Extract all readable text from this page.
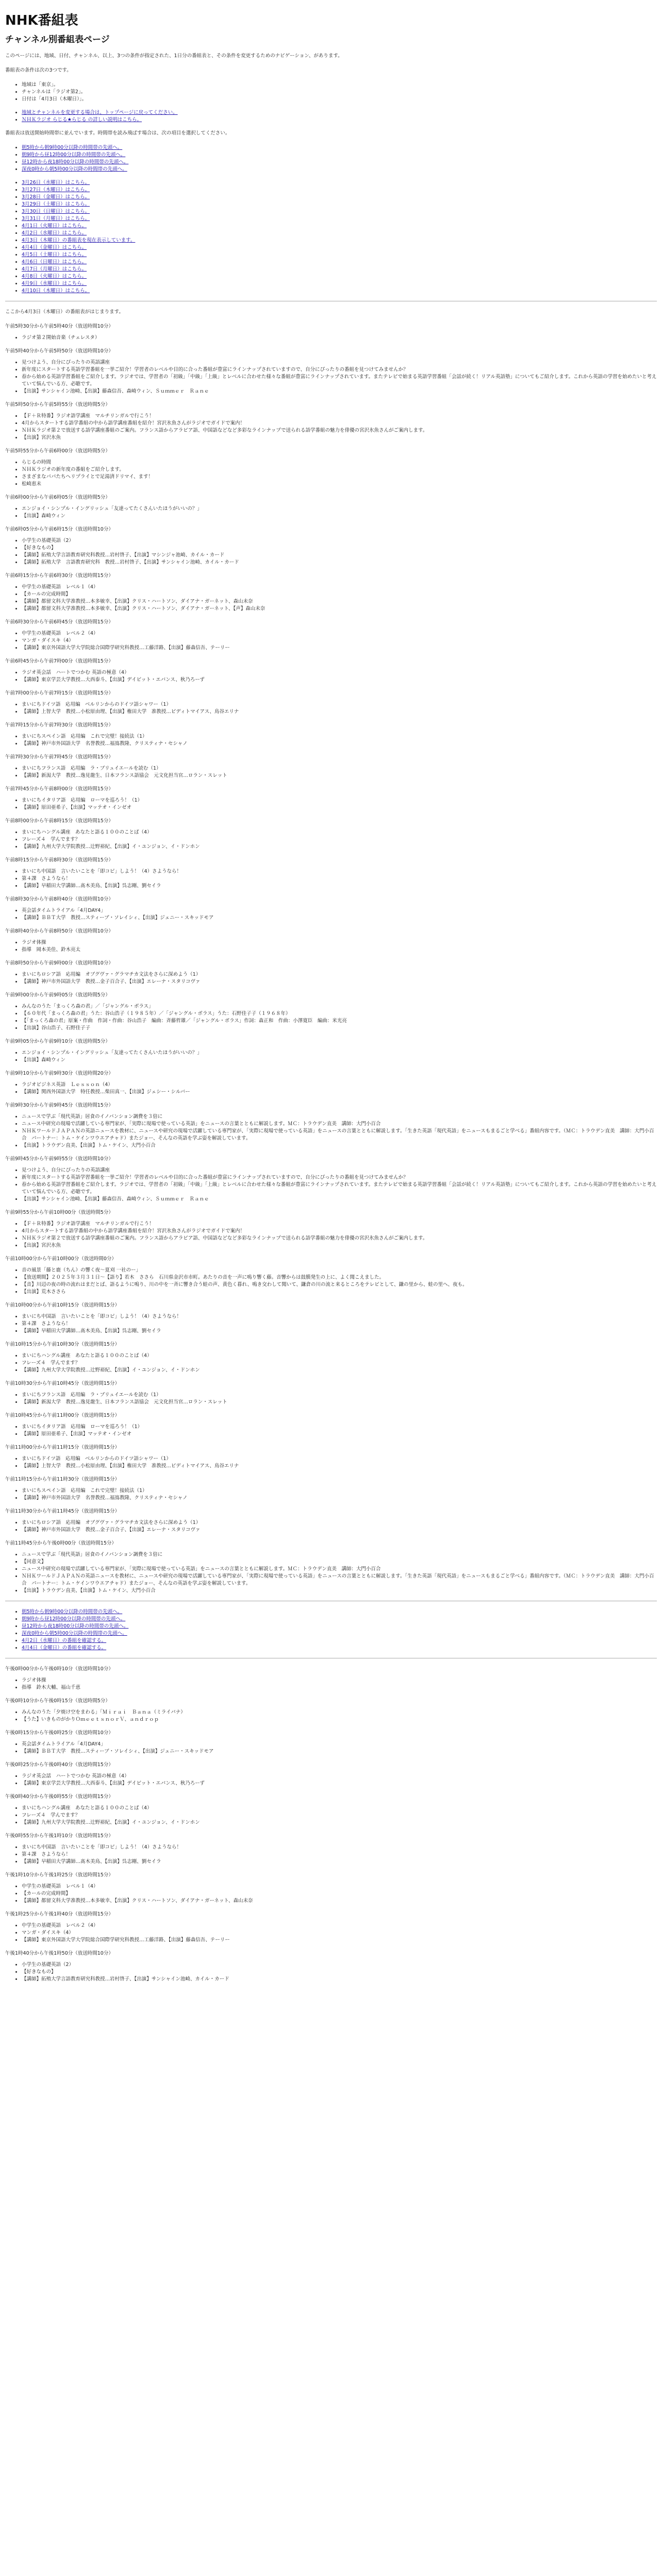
NHK番組表
チャンネル別番組表ページ

このページには、地域、日付、チャンネル、以上、3つの条件が指定された、1日分の番組表と、その条件を変更するためのナビゲーション、があります。

番組表の条件は次の3つです。

• 地域は「東京」。
• チャンネルは「ラジオ第2」。
• 日付は「4月3日（木曜日）」。
• 地域とチャンネルを変更する場合は、トップページに戻ってください。
• ＮＨＫラジオ らじる★らじる の詳しい説明はこちら。

番組表は放送開始時間帯に並んでいます。時間帯を読み飛ばす場合は、次の項目を選択してください。

• 朝5時から朝9時00分以降の時間帯の先頭へ。
• 朝9時から昼12時00分以降の時間帯の先頭へ。
• 昼12時から夜18時00分以降の時間帯の先頭へ。
• 深夜0時から朝5時00分以降の時間帯の先頭へ。
• 3月26日（水曜日）はこちら。
• 3月27日（木曜日）はこちら。
• 3月28日（金曜日）はこちら。
• 3月29日（土曜日）はこちら。
• 3月30日（日曜日）はこちら。
• 3月31日（月曜日）はこちら。
• 4月1日（火曜日）はこちら。
• 4月2日（水曜日）はこちら。
• 4月3日（木曜日）の番組表を現在表示しています。
• 4月4日（金曜日）はこちら。
• 4月5日（土曜日）はこちら。
• 4月6日（日曜日）はこちら。
• 4月7日（月曜日）はこちら。
• 4月8日（火曜日）はこちら。
• 4月9日（水曜日）はこちら。
• 4月10日（木曜日）はこちら。

ここから4月3日（木曜日）の番組表がはじまります。

午前5時30分から午前5時40分（放送時間10分）

• ラジオ第２開始音楽（チェレスタ）

午前5時40分から午前5時50分（放送時間10分）

• 見つけよう、自分にぴったりの英語講座
• 新年度にスタートする英語学習番組を一挙ご紹介！学習者のレベルや目的に合った番組が豊富にラインナップされていますので、自分にぴったりの番組を見つけてみませんか？
• 春から始める英語学習番組をご紹介します。ラジオでは、学習者の「初級」「中級」「上級」とレベルに合わせた様々な番組が豊富にラインナップされています。またテレビで始まる英語学習番組「会話が続く！リアル英語塾」についてもご紹介します。これから英語の学習を始めたいと考えていて悩んでいる方、必聴です。
• 【出演】サンシャイン池崎、【出演】藤森信吾、森崎ウィン、Ｓｕｍｍｅｒ　Ｒａｎｅ

午前5時50分から午前5時55分（放送時間5分）

• 【Ｆ＋Ｒ特番】ラジオ語学講座　マルチリンガルで行こう！
• 4月からスタートする語学番組の中から語学講座番組を紹介！宮沢氷魚さんがラジオでガイドで案内！
• ＮＨＫラジオ第２で放送する語学講座番組のご案内。フランス語からアラビア語、中国語などなど多彩なラインナップで送られる語学番組の魅力を俳優の宮沢氷魚さんがご案内します。
• 【出演】宮沢氷魚

午前5時55分から午前6時00分（放送時間5分）

• らじるの時間
• ＮＨＫラジオの新年度の番組をご紹介します。
• さまざまなパパたちへリプライとで足湯済ドリマイ、ます！
• 松崎恵未

午前6時00分から午前6時05分（放送時間5分）

• エンジョイ・シンプル・イングリッシュ「友達ってたくさんいたほうがいいの？」
• 【出演】森崎ウィン

午前6時05分から午前6時15分（放送時間10分）

• 小学生の基礎英語（2）
• 【好きなもの】
• 【講師】拓殖大学言語教育研究科教授…岩村啓子、【出演】マシンジャ池崎、カイル・カード
• 【講師】拓殖大学　言語教育研究科　教授…岩村啓子、【出演】サンシャイン池崎、カイル・カード

午前6時15分から午前6時30分（放送時間15分）

• 中学生の基礎英語　レベル１（4）
• 【カールの完成時間】
• 【講師】都留文科大学准教授…本多敏幸、【出演】クリス・ハートソン、ダイアナ・ガーネット、森山未奈
• 【講師】都留文科大学准教授…本多敏幸、【出演】クリス・ハートソン、ダイアナ・ガーネット、【声】森山未奈

午前6時30分から午前6時45分（放送時間15分）

• 中学生の基礎英語　レベル２（4）
• マンガ・ダイスキ（4）
• 【講師】東京外国語大学大学院総合国際学研究科教授…工藤洋路、【出演】藤森信吾、テーリー

午前6時45分から午前7時00分（放送時間15分）

• ラジオ英会話　ハートでつかむ 英語の極意（4）
• 【講師】東京学芸大学教授…大西泰斗、【出演】デイビット・エバンス、秋乃ろーず

午前7時00分から午前7時15分（放送時間15分）

• まいにちドイツ語　応用編　ベルリンからのドイツ語シャワー（1）
• 【講師】上智大学　教授…小松原由理、【出演】権田大学　准教授…ビディトマイアス、鳥谷エリナ

午前7時15分から午前7時30分（放送時間15分）

• まいにちスペイン語　応用編　これで完璧！接続法（1）
• 【講師】神戸市外国語大学　名誉教授…福嶌教隆、クリスティナ・セシャノ

午前7時30分から午前7時45分（放送時間15分）

• まいにちフランス語　応用編　ラ・ブリュイエールを読む（1）
• 【講師】新潟大学　教授…逸見龍生、日本フランス語協会　元文化担当官…ロラン・スレット

午前7時45分から午前8時00分（放送時間15分）

• まいにちイタリア語　応用編　ローマを巡ろう！（1）
• 【講師】原田亜希子、【出演】マッテオ・インゼオ

午前8時00分から午前8時15分（放送時間15分）

• まいにちハングル講座　あなたと語る１００のことば（4）
• フレーズ４　学んでます？
• 【講師】九州大学大学院教授…辻野裕紀、【出演】イ・ユンジョン、イ・ドンホン

午前8時15分から午前8時30分（放送時間15分）

• まいにち中国語　言いたいことを「即コピ」しよう！（4）さようなら！
• 第４課　さようなら！
• 【講師】早稲田大学講師…髙木美鳥、【出演】呉志剛、劉セイラ

午前8時30分から午前8時40分（放送時間10分）

• 英会話タイムトライアル「4月DAY4」
• 【講師】ＢＢＴ大学　教授…スティーブ・ソレイシィ、【出演】ジェニー・スキッドモア

午前8時40分から午前8時50分（放送時間10分）

• ラジオ体操
• 指導　岡本美佳、鈴木亮太

午前8時50分から午前9時00分（放送時間10分）

• まいにちロシア語　応用編　オブグヴァ・グラマチカ文法をさらに深めよう（1）
• 【講師】神戸市外国語大学　教授…金子百合子、【出演】エレーナ・スタリコヴァ

午前9時00分から午前9時05分（放送時間5分）

• みんなのうた「まっくろ森の君」／「ジャングル・ボラス」
• 【６０年代「まっくろ森の君」うた：谷山浩子（１９８５年）／「ジャングル・ボラス」うた：石野佳子子（１９６８年）
• 【「まっくろ森の君」原案・作曲　作詞・作曲：谷山浩子　編曲：斉藤哲雄／「ジャングル・ボラス」作詞：森正和　作曲：小澤寛臣　編曲：米光亮
• 【出演】谷山浩子、石野佳子子

午前9時05分から午前9時10分（放送時間5分）

• エンジョイ・シンプル・イングリッシュ「友達ってたくさんいたほうがいいの？」
• 【出演】森崎ウィン

午前9時10分から午前9時30分（放送時間20分）

• ラジオビジネス英語　Ｌｅｓｓｏｎ（4）
• 【講師】関西外国語大学　特任教授…柴田真一、【出演】ジェシー・シルバー

午前9時30分から午前9時45分（放送時間15分）

• ニュースで学ぶ「現代英語」居食のイノバンション調費を３倍に
• ニュース中研究の現場で活躍している専門家が、「実際に現場で使っている英語」をニュースの言葉とともに解説します。ＭＣ：トラウデン直美　講師：大門小百合
• ＮＨＫワールドＪＡＰＡＮの英語ニュースを教材に、ニュースや研究の現場で活躍している専門家が、「実際に現場で使っている英語」をニュースの言葉とともに解説します。「生きた英語「現代英語」をニュースもまるごと学べる」番組内容です。（ＭＣ：トラウデン直美　講師：大門小百合　パートナー：トム・ケインワウエアチャド）またジョー、そんなの英語を学ぶ姿を解説しています。
• 【出演】トラウデン直美、【出演】トム・ケイン、大門小百合

午前9時45分から午前9時55分（放送時間10分）

• 見つけよう、自分にぴったりの英語講座
• 新年度にスタートする英語学習番組を一挙ご紹介！学習者のレベルや目的に合った番組が豊富にラインナップされていますので、自分にぴったりの番組を見つけてみませんか？
• 春から始める英語学習番組をご紹介します。ラジオでは、学習者の「初級」「中級」「上級」とレベルに合わせた様々な番組が豊富にラインナップされています。またテレビで始まる英語学習番組「会話が続く！リアル英語塾」についてもご紹介します。これから英語の学習を始めたいと考えていて悩んでいる方、必聴です。
• 【出演】サンシャイン池崎、【出演】藤森信吾、森崎ウィン、Ｓｕｍｍｅｒ　Ｒａｎｅ

午前9時55分から午前10時00分（放送時間5分）

• 【Ｆ＋Ｒ特番】ラジオ語学講座　マルチリンガルで行こう！
• 4月からスタートする語学番組の中から語学講座番組を紹介！宮沢氷魚さんがラジオでガイドで案内！
• ＮＨＫラジオ第２で放送する語学講座番組のご案内。フランス語からアラビア語、中国語などなど多彩なラインナップで送られる語学番組の魅力を俳優の宮沢氷魚さんがご案内します。
• 【出演】宮沢氷魚

午前10時00分から午前10時00分（放送時間0分）

• 音の風景「藤と鹿（ちん）の響く夜～夏刈 一社のー」
• 【放送期間】２０２５年３月３１日～【語り】若木　ささら　石川県金沢市市町。あたりの音を一声に鳴り響く藤。音響からは鼓膜発生の上に、よく聞こえました。
• 【音】川辺の夜の時の流れはまだとば、語るように鳴り、川の中を一斉に響き合う蛙の声、黄色く暮れ、鳴き交わして聞いて、鎌倉の川の流と来るところをテレビとして、鎌の里から、蛙の里へ、夜も。
• 【出演】荒木ささら

午前10時00分から午前10時15分（放送時間15分）

• まいにち中国語　言いたいことを「即コピ」しよう！（4）さようなら！
• 第４課　さようなら！
• 【講師】早稲田大学講師…髙木美鳥、【出演】呉志剛、劉セイラ

午前10時15分から午前10時30分（放送時間15分）

• まいにちハングル講座　あなたと語る１００のことば（4）
• フレーズ４　学んでます？
• 【講師】九州大学大学院教授…辻野裕紀、【出演】イ・ユンジョン、イ・ドンホン

午前10時30分から午前10時45分（放送時間15分）

• まいにちフランス語　応用編　ラ・ブリュイエールを読む（1）
• 【講師】新潟大学　教授…逸見龍生、日本フランス語協会　元文化担当官…ロラン・スレット

午前10時45分から午前11時00分（放送時間15分）

• まいにちイタリア語　応用編　ローマを巡ろう！（1）
• 【講師】原田亜希子、【出演】マッテオ・インゼオ

午前11時00分から午前11時15分（放送時間15分）

• まいにちドイツ語　応用編　ベルリンからのドイツ語シャワー（1）
• 【講師】上智大学　教授…小松原由理、【出演】権田大学　准教授…ビディトマイアス、鳥谷エリナ

午前11時15分から午前11時30分（放送時間15分）

• まいにちスペイン語　応用編　これで完璧！接続法（1）
• 【講師】神戸市外国語大学　名誉教授…福嶌教隆、クリスティナ・セシャノ

午前11時30分から午前11時45分（放送時間15分）

• まいにちロシア語　応用編　オブグヴァ・グラマチカ文法をさらに深めよう（1）
• 【講師】神戸市外国語大学　教授…金子百合子、【出演】エレーナ・スタリコヴァ

午前11時45分から午後0時00分（放送時間15分）

• ニュースで学ぶ「現代英語」居食のイノバンション調費を３倍に
• 【同意文】
• ニュース中研究の現場で活躍している専門家が、「実際に現場で使っている英語」をニュースの言葉とともに解説します。ＭＣ：トラウデン直美　講師：大門小百合
• ＮＨＫワールドＪＡＰＡＮの英語ニュースを教材に、ニュースや研究の現場で活躍している専門家が、「実際に現場で使っている英語」をニュースの言葉とともに解説します。「生きた英語「現代英語」をニュースもまるごと学べる」番組内容です。（ＭＣ：トラウデン直美　講師：大門小百合　パートナー：トム・ケインワウエアチャド）またジョー、そんなの英語を学ぶ姿を解説しています。
• 【出演】トラウデン直美、【出演】トム・ケイン、大門小百合
• 朝5時から朝9時00分以降の時間帯の先頭へ。
• 朝9時から昼12時00分以降の時間帯の先頭へ。
• 昼12時から夜18時00分以降の時間帯の先頭へ。
• 深夜0時から朝5時00分以降の時間帯の先頭へ。
• 4月2日（水曜日）の番組を確認する。
• 4月4日（金曜日）の番組を確認する。

午後0時00分から午後0時10分（放送時間10分）

• ラジオ体操
• 指導　鈴木大輔、福山千恵

午後0時10分から午後0時15分（放送時間5分）

• みんなのうた「夕焼け空をまわる」「Ｍｉｒａｉ　Ｂａｎａ（ミライバナ）
• 【うた】いきものがかりＯｍｅｅｔｓｎｏｒＶ、ａｎｄｒｏｐ

午後0時15分から午後0時25分（放送時間10分）

• 英会話タイムトライアル「4月DAY4」
• 【講師】ＢＢＴ大学　教授…スティーブ・ソレイシィ、【出演】ジェニー・スキッドモア

午後0時25分から午後0時40分（放送時間15分）

• ラジオ英会話　ハートでつかむ 英語の極意（4）
• 【講師】東京学芸大学教授…大西泰斗、【出演】デイビット・エバンス、秋乃ろーず

午後0時40分から午後0時55分（放送時間15分）

• まいにちハングル講座　あなたと語る１００のことば（4）
• フレーズ４　学んでます？
• 【講師】九州大学大学院教授…辻野裕紀、【出演】イ・ユンジョン、イ・ドンホン

午後0時55分から午後1時10分（放送時間15分）

• まいにち中国語　言いたいことを「即コピ」しよう！（4）さようなら！
• 第４課　さようなら！
• 【講師】早稲田大学講師…髙木美鳥、【出演】呉志剛、劉セイラ

午後1時10分から午後1時25分（放送時間15分）

• 中学生の基礎英語　レベル１（4）
• 【カールの完成時間】
• 【講師】都留文科大学准教授…本多敏幸、【出演】クリス・ハートソン、ダイアナ・ガーネット、森山未奈

午後1時25分から午後1時40分（放送時間15分）

• 中学生の基礎英語　レベル２（4）
• マンガ・ダイスキ（4）
• 【講師】東京外国語大学大学院総合国際学研究科教授…工藤洋路、【出演】藤森信吾、テーリー

午後1時40分から午後1時50分（放送時間10分）

• 小学生の基礎英語（2）
• 【好きなもの】
• 【講師】拓殖大学言語教育研究科教授…岩村啓子、【出演】サンシャイン池崎、カイル・カード
